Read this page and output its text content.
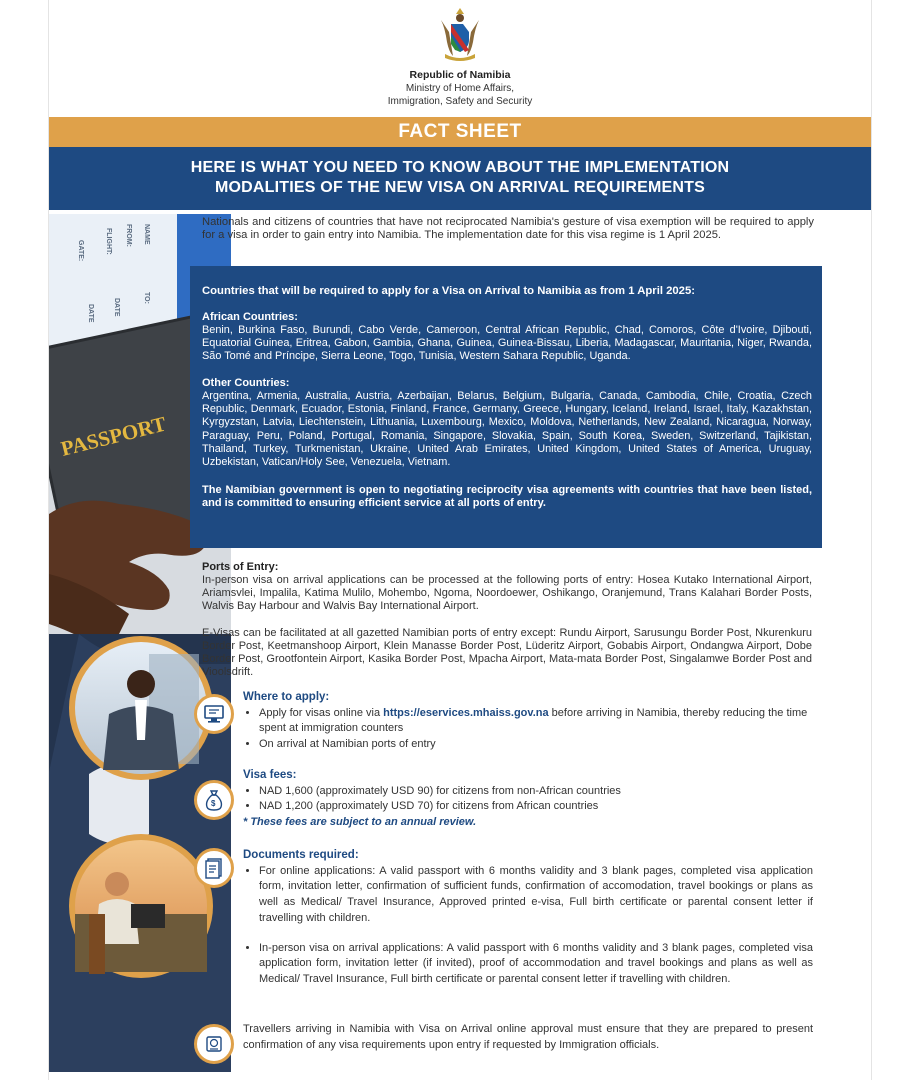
Republic of Namibia
Ministry of Home Affairs,
Immigration, Safety and Security
FACT SHEET
HERE IS WHAT YOU NEED TO KNOW ABOUT THE IMPLEMENTATION
MODALITIES OF THE NEW VISA ON ARRIVAL REQUIREMENTS
NAME
FROM:
FLIGHT:
GATE:
DATE
TO:
DATE
PASSPORT

Nationals and citizens of countries that have not reciprocated Namibia's gesture of visa exemption will be required to apply for a visa in order to gain entry into Namibia. The implementation date for this visa regime is 1 April 2025.

Countries that will be required to apply for a Visa on Arrival to Namibia as from 1 April 2025:
African Countries:

Benin, Burkina Faso, Burundi, Cabo Verde, Cameroon, Central African Republic, Chad, Comoros, Côte d'Ivoire, Djibouti, Equatorial Guinea, Eritrea, Gabon, Gambia, Ghana, Guinea, Guinea-Bissau, Liberia, Madagascar, Mauritania, Niger, Rwanda, São Tomé and Príncipe, Sierra Leone, Togo, Tunisia, Western Sahara Republic, Uganda.

Other Countries:

Argentina, Armenia, Australia, Austria, Azerbaijan, Belarus, Belgium, Bulgaria, Canada, Cambodia, Chile, Croatia, Czech Republic, Denmark, Ecuador, Estonia, Finland, France, Germany, Greece, Hungary, Iceland, Ireland, Israel, Italy, Kazakhstan, Kyrgyzstan, Latvia, Liechtenstein, Lithuania, Luxembourg, Mexico, Moldova, Netherlands, New Zealand, Nicaragua, Norway, Paraguay, Peru, Poland, Portugal, Romania, Singapore, Slovakia, Spain, South Korea, Sweden, Switzerland, Tajikistan, Thailand, Turkey, Turkmenistan, Ukraine, United Arab Emirates, United Kingdom, United States of America, Uruguay, Uzbekistan, Vatican/Holy See, Venezuela, Vietnam.

The Namibian government is open to negotiating reciprocity visa agreements with countries that have been listed, and is committed to ensuring efficient service at all ports of entry.

Ports of Entry:
In-person visa on arrival applications can be processed at the following ports of entry: Hosea Kutako International Airport, Ariamsvlei, Impalila, Katima Mulilo, Mohembo, Ngoma, Noordoewer, Oshikango, Oranjemund, Trans Kalahari Border Posts, Walvis Bay Harbour and Walvis Bay International Airport.
E-Visas can be facilitated at all gazetted Namibian ports of entry except: Rundu Airport, Sarusungu Border Post, Nkurenkuru Border Post, Keetmanshoop Airport, Klein Manasse Border Post, Lüderitz Airport, Gobabis Airport, Ondangwa Airport, Dobe Border Post, Grootfontein Airport, Kasika Border Post, Mpacha Airport, Mata-mata Border Post, Singalamwe Border Post and Vioolsdrift.
Where to apply:
• Apply for visas online via https://eservices.mhaiss.gov.na before arriving in Namibia, thereby reducing the time spent at immigration counters
• On arrival at Namibian ports of entry
$
Visa fees:
• NAD 1,600 (approximately USD 90) for citizens from non-African countries
• NAD 1,200 (approximately USD 70) for citizens from African countries
* These fees are subject to an annual review.
Documents required:
• For online applications: A valid passport with 6 months validity and 3 blank pages, completed visa application form, invitation letter, confirmation of sufficient funds, confirmation of accomodation, travel bookings or plans as well as Medical/ Travel Insurance, Approved printed e-visa, Full birth certificate or parental consent letter if travelling with children.
• In-person visa on arrival applications: A valid passport with 6 months validity and 3 blank pages, completed visa application form, invitation letter (if invited), proof of accommodation and travel bookings and plans as well as Medical/ Travel Insurance, Full birth certificate or parental consent letter if travelling with children.
Travellers arriving in Namibia with Visa on Arrival online approval must ensure that they are prepared to present confirmation of any visa requirements upon entry if requested by Immigration officials.
